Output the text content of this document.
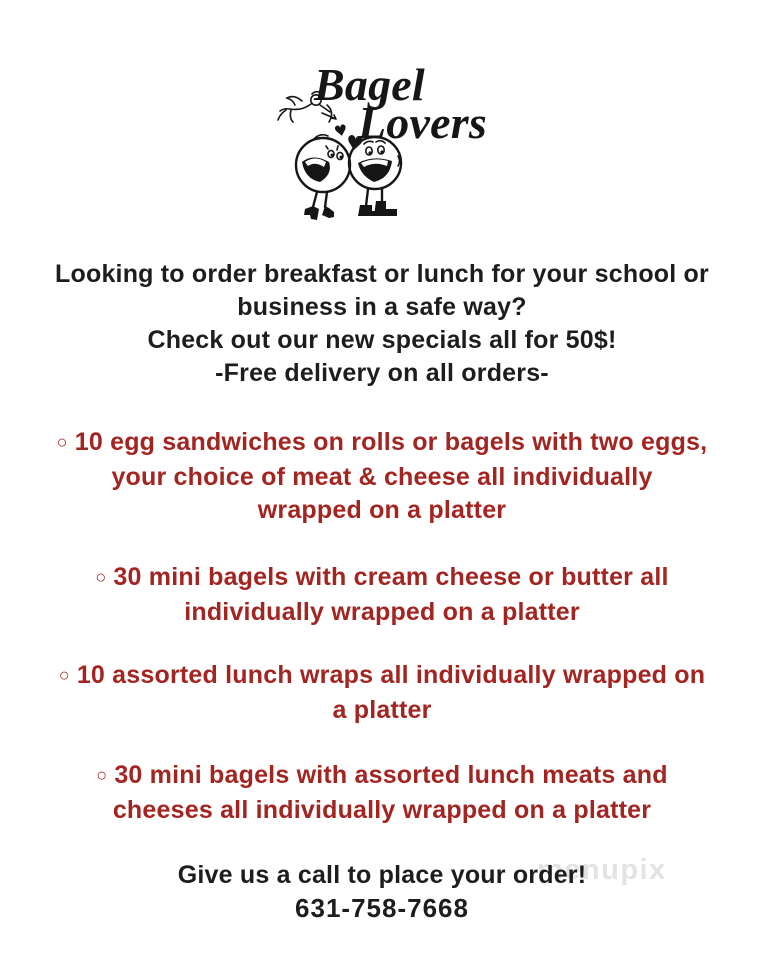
Bagel
Lovers
♥
♥
menupix
Looking to order breakfast or lunch for your school or
business in a safe way?
Check out our new specials all for 50$!
-Free delivery on all orders-
○ 10 egg sandwiches on rolls or bagels with two eggs,
your choice of meat & cheese all individually
wrapped on a platter
○ 30 mini bagels with cream cheese or butter all
individually wrapped on a platter
○ 10 assorted lunch wraps all individually wrapped on
a platter
○ 30 mini bagels with assorted lunch meats and
cheeses all individually wrapped on a platter
Give us a call to place your order!
631-758-7668
